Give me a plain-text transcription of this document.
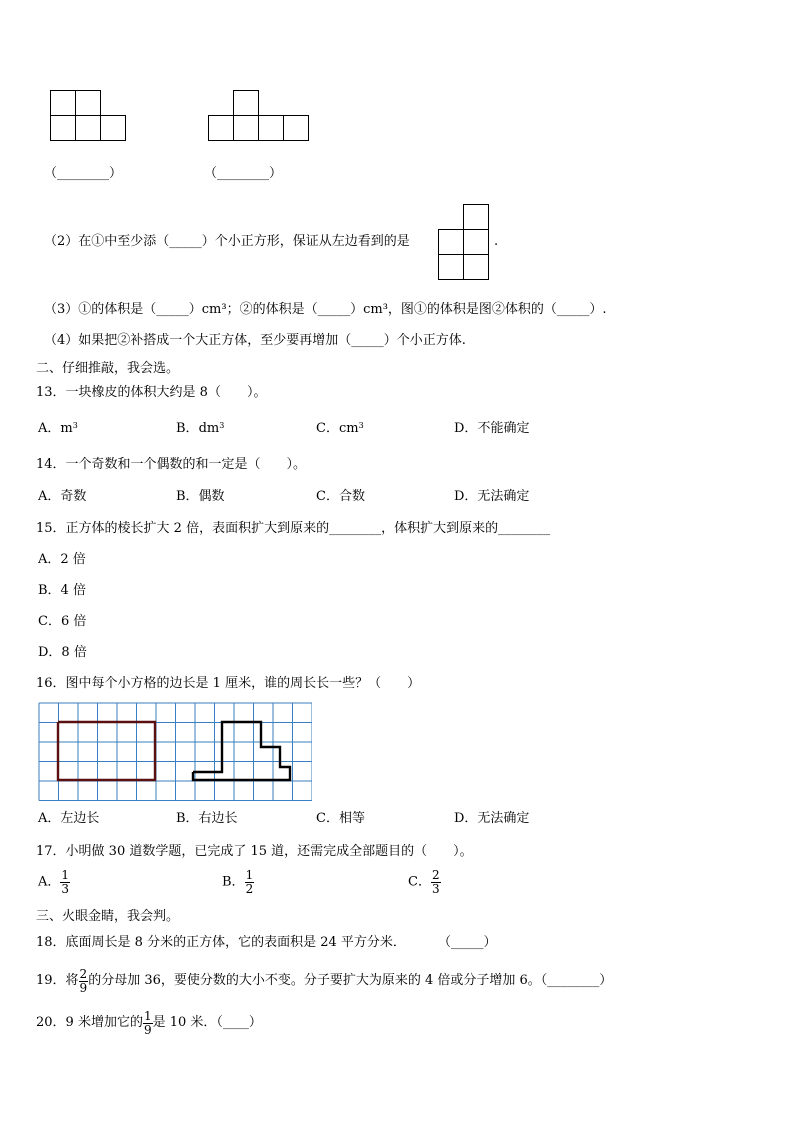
（________）	（________）
（2）在①中至少添（_____）个小正方形，保证从左边看到的是	.
（3）①的体积是（_____）cm³；②的体积是（_____）cm³，图①的体积是图②体积的（_____）.
（4）如果把②补搭成一个大正方体，至少要再增加（_____）个小正方体.
二、仔细推敲，我会选。
13．一块橡皮的体积大约是 8（　　）。
A．$m^3$	B．$dm^3$	C．$cm^3$	D．不能确定
14．一个奇数和一个偶数的和一定是（　　）。
A．奇数	B．偶数	C．合数	D．无法确定
15．正方体的棱长扩大 2 倍，表面积扩大到原来的________，体积扩大到原来的________
A．2 倍
B．4 倍
C．6 倍
D．8 倍
16．图中每个小方格的边长是 1 厘米，谁的周长长一些？（　　）
A．左边长	B．右边长	C．相等	D．无法确定
17．小明做 30 道数学题，已完成了 15 道，还需完成全部题目的（　　）。
A． $\frac{1}{3}$	B． $\frac{1}{2}$	C． $\frac{2}{3}$
三、火眼金睛，我会判。
18．底面周长是 8 分米的正方体，它的表面积是 24 平方分米． （_____）
19．将 $\frac{2}{9}$ 的分母加 36，要使分数的大小不变。分子要扩大为原来的 4 倍或分子增加 6。（________）
20．9 米增加它的 $\frac{1}{9}$ 是 10 米．（____）
